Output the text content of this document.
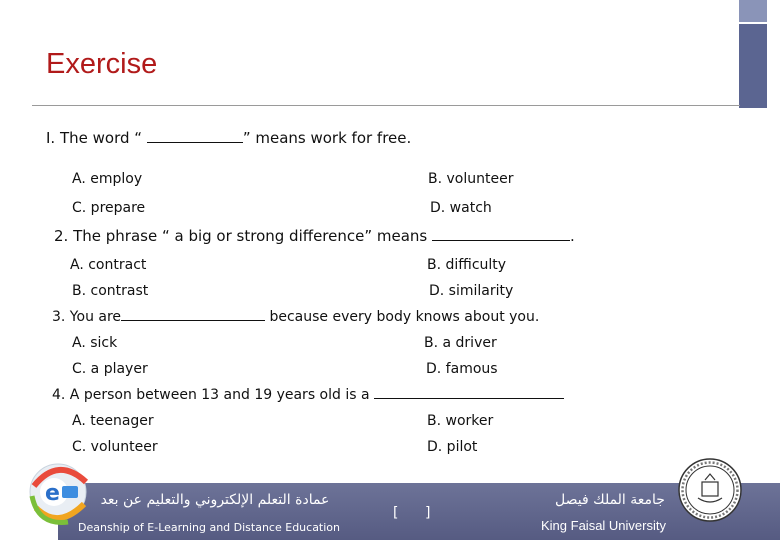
Exercise
I. The word “	” means work for free.
A. employ	B. volunteer
C. prepare	D. watch
2. The phrase “ a big or strong difference” means	.
A. contract	B. difficulty
B. contrast	D. similarity
3. You are	because every body knows about you.
A. sick	B. a driver
C. a player	D. famous
4. A person between 13 and 19 years old is a
A. teenager	B. worker
C. volunteer	D. pilot
e	عمادة التعلم الإلكتروني والتعليم عن بعد
Deanship of E-Learning and Distance Education
[ ]
جامعة الملك فيصل
King Faisal University
